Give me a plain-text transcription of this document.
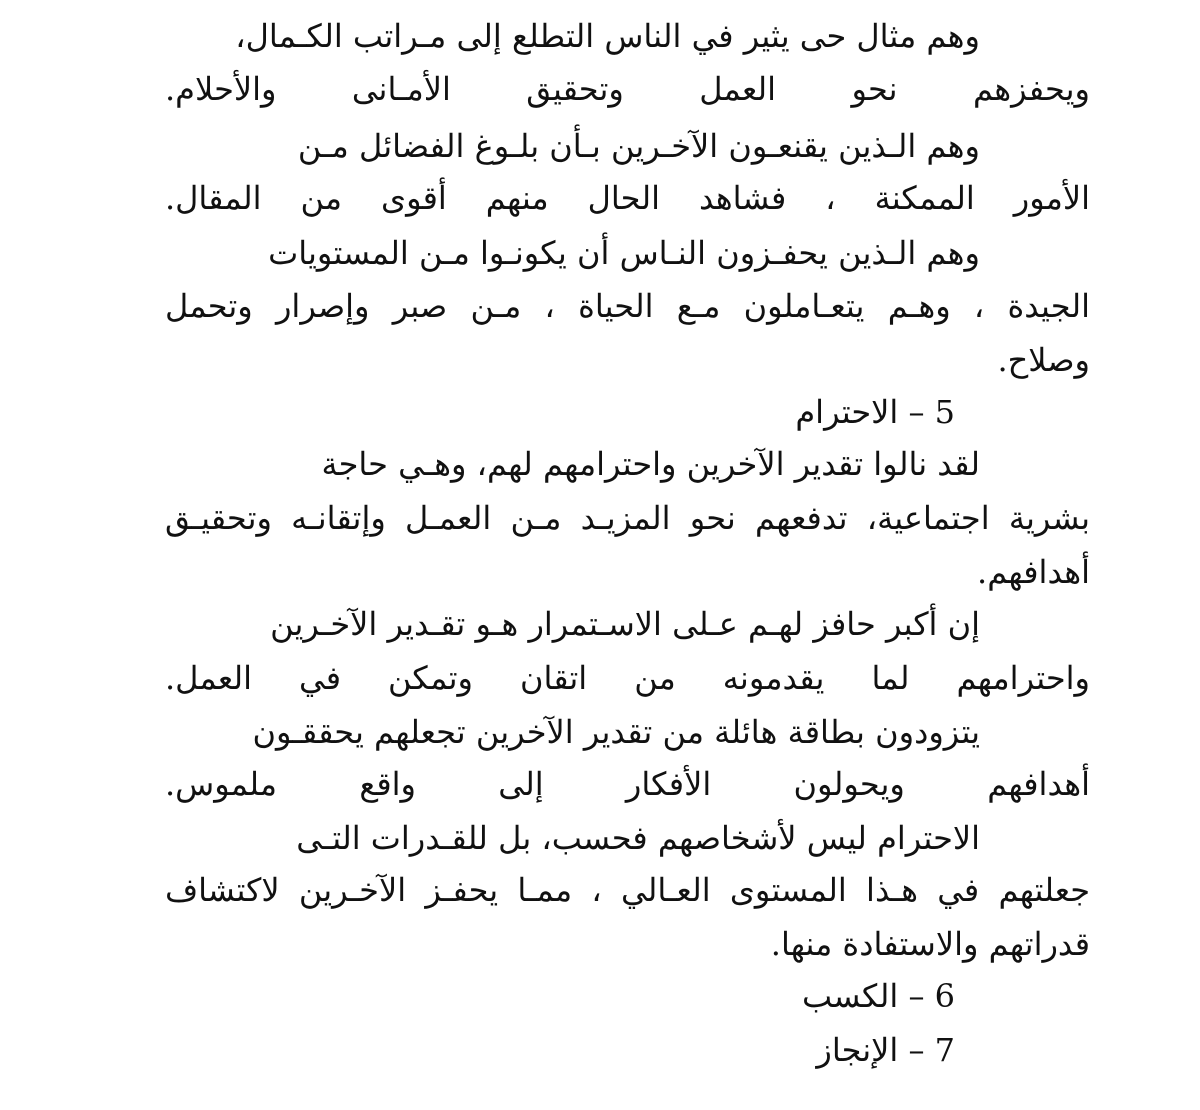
وهم مثال حى يثير في الناس التطلع إلى مـراتب الكـمال،
ويحفزهم نحو العمل وتحقيق الأمـانى والأحلام.
وهم الـذين يقنعـون الآخـرين بـأن بلـوغ الفضائل مـن
الأمور الممكنة ، فشاهد الحال منهم أقوى من المقال.
وهم الـذين يحفـزون النـاس أن يكونـوا مـن المستويات
الجيدة ، وهـم يتعـاملون مـع الحياة ، مـن صبر وإصرار وتحمل
وصلاح.
5 – الاحترام
لقد نالوا تقدير الآخرين واحترامهم لهم، وهـي حاجة
بشرية اجتماعية، تدفعهم نحو المزيـد مـن العمـل وإتقانـه وتحقيـق
أهدافهم.
إن أكبر حافز لهـم عـلى الاسـتمرار هـو تقـدير الآخـرين
واحترامهم لما يقدمونه من اتقان وتمكن في العمل.
يتزودون بطاقة هائلة من تقدير الآخرين تجعلهم يحققـون
أهدافهم ويحولون الأفكار إلى واقع ملموس.
الاحترام ليس لأشخاصهم فحسب، بل للقـدرات التـى
جعلتهم في هـذا المستوى العـالي ، ممـا يحفـز الآخـرين لاكتشاف
قدراتهم والاستفادة منها.
6 – الكسب
7 – الإنجاز
